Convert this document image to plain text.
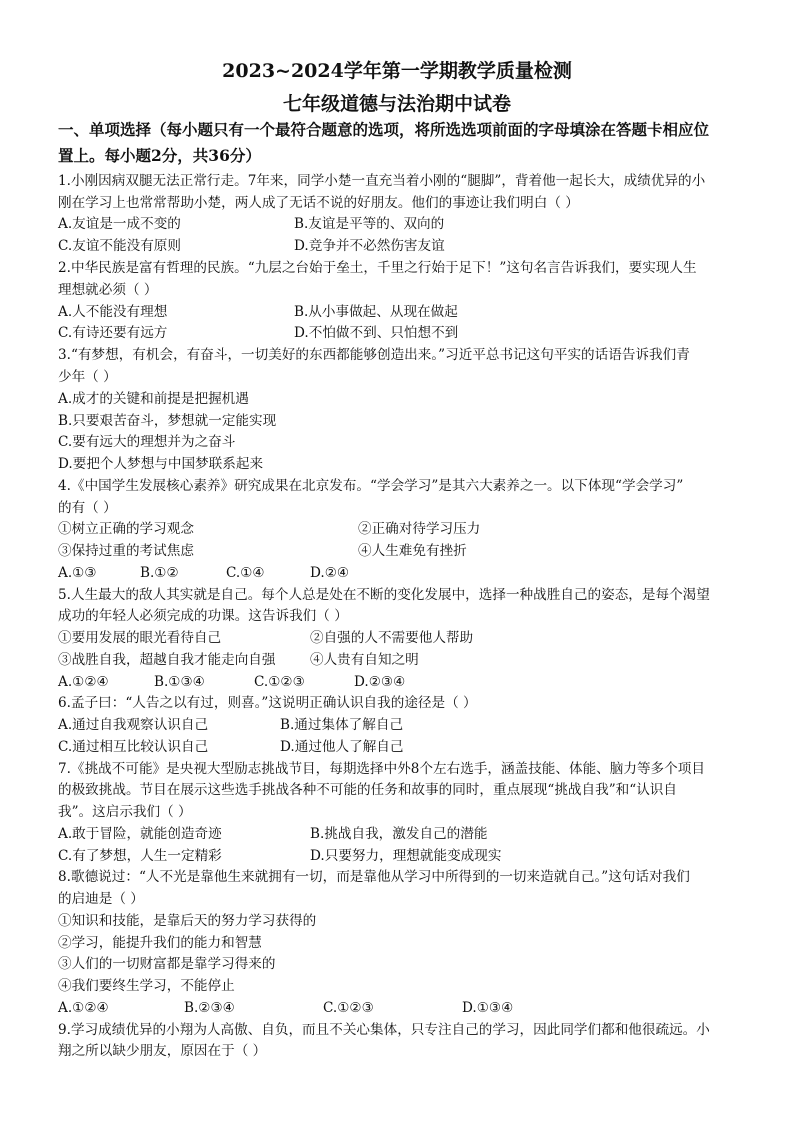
2023~2024学年第一学期教学质量检测
七年级道德与法治期中试卷
一、单项选择（每小题只有一个最符合题意的选项，将所选选项前面的字母填涂在答题卡相应位
置上。每小题2分，共36分）
1.小刚因病双腿无法正常行走。7年来，同学小楚一直充当着小刚的“腿脚”，背着他一起长大，成绩优异的小
刚在学习上也常常帮助小楚，两人成了无话不说的好朋友。他们的事迹让我们明白（ ）
A.友谊是一成不变的	B.友谊是平等的、双向的
C.友谊不能没有原则	D.竞争并不必然伤害友谊
2.中华民族是富有哲理的民族。“九层之台始于垒土，千里之行始于足下！”这句名言告诉我们，要实现人生
理想就必须（ ）
A.人不能没有理想	B.从小事做起、从现在做起
C.有诗还要有远方	D.不怕做不到、只怕想不到
3.“有梦想，有机会，有奋斗，一切美好的东西都能够创造出来。”习近平总书记这句平实的话语告诉我们青
少年（ ）
A.成才的关键和前提是把握机遇
B.只要艰苦奋斗，梦想就一定能实现
C.要有远大的理想并为之奋斗
D.要把个人梦想与中国梦联系起来
4.《中国学生发展核心素养》研究成果在北京发布。“学会学习”是其六大素养之一。以下体现“学会学习”
的有（ ）
①树立正确的学习观念	②正确对待学习压力
③保持过重的考试焦虑	④人生难免有挫折
A.①③	B.①②	C.①④	D.②④
5.人生最大的敌人其实就是自己。每个人总是处在不断的变化发展中，选择一种战胜自己的姿态，是每个渴望
成功的年轻人必须完成的功课。这告诉我们（ ）
①要用发展的眼光看待自己	②自强的人不需要他人帮助
③战胜自我，超越自我才能走向自强	④人贵有自知之明
A.①②④	B.①③④	C.①②③	D.②③④
6.孟子曰：“人告之以有过，则喜。”这说明正确认识自我的途径是（ ）
A.通过自我观察认识自己	B.通过集体了解自己
C.通过相互比较认识自己	D.通过他人了解自己
7.《挑战不可能》是央视大型励志挑战节目，每期选择中外8个左右选手，涵盖技能、体能、脑力等多个项目
的极致挑战。节目在展示这些选手挑战各种不可能的任务和故事的同时，重点展现“挑战自我”和“认识自
我”。这启示我们（ ）
A.敢于冒险，就能创造奇迹	B.挑战自我，激发自己的潜能
C.有了梦想，人生一定精彩	D.只要努力，理想就能变成现实
8.歌德说过：“人不光是靠他生来就拥有一切，而是靠他从学习中所得到的一切来造就自己。”这句话对我们
的启迪是（ ）
①知识和技能，是靠后天的努力学习获得的
②学习，能提升我们的能力和智慧
③人们的一切财富都是靠学习得来的
④我们要终生学习，不能停止
A.①②④	B.②③④	C.①②③	D.①③④
9.学习成绩优异的小翔为人高傲、自负，而且不关心集体，只专注自己的学习，因此同学们都和他很疏远。小
翔之所以缺少朋友，原因在于（ ）
